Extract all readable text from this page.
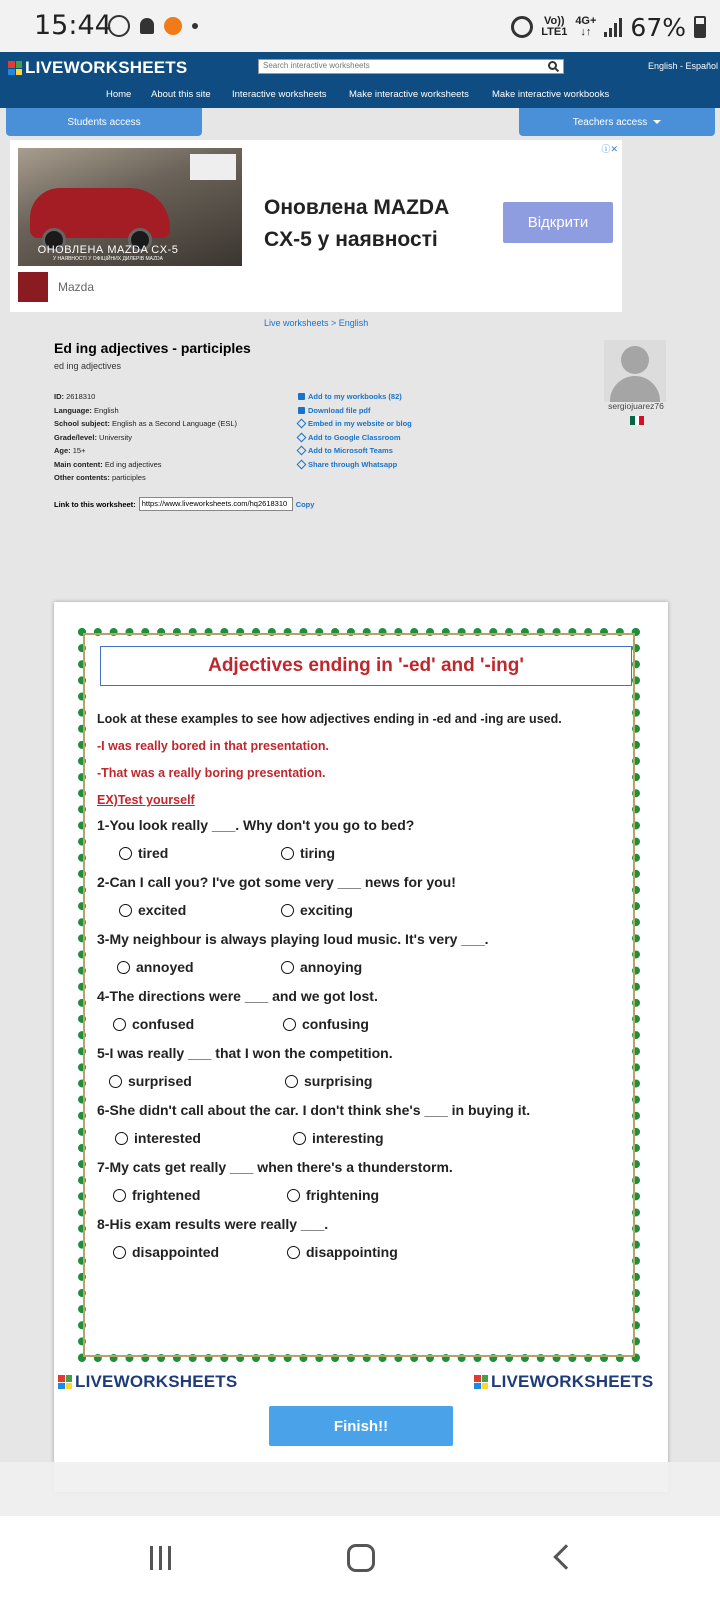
15:44	Vo))
LTE1
4G+
↓↑ 67%
LIVEWORKSHEETS	Search interactive worksheets	English - Español
Home About this site Interactive worksheets Make interactive worksheets Make interactive workbooks
Students access	Teachers access
ОНОВЛЕНА MAZDA CX-5
У НАЯВНОСТІ У ОФІЦІЙНИХ ДИЛЕРІВ MAZDA
Оновлена MAZDA CX-5 у наявності
Відкрити
ⓘ✕
Mazda
Live worksheets > English
Ed ing adjectives - participles
ed ing adjectives
ID: 2618310
Language: English
School subject: English as a Second Language (ESL)
Grade/level: University
Age: 15+
Main content: Ed ing adjectives
Other contents: participles
Add to my workbooks (82)
Download file pdf
Embed in my website or blog
Add to Google Classroom
Add to Microsoft Teams
Share through Whatsapp
Link to this worksheet: https://www.liveworksheets.com/hq2618310	Copy
sergiojuarez76
Adjectives ending in '-ed' and '-ing'
Look at these examples to see how adjectives ending in -ed and -ing are used.
-I was really bored in that presentation.
-That was a really boring presentation.
EX)Test yourself
1-You look really ___. Why don't you go to bed?
tired	tiring
2-Can I call you? I've got some very ___ news for you!
excited	exciting
3-My neighbour is always playing loud music. It's very ___.
annoyed	annoying
4-The directions were ___ and we got lost.
confused	confusing
5-I was really ___ that I won the competition.
surprised	surprising
6-She didn't call about the car. I don't think she's ___ in buying it.
interested	interesting
7-My cats get really ___ when there's a thunderstorm.
frightened	frightening
8-His exam results were really ___.
disappointed	disappointing
LIVEWORKSHEETS	LIVEWORKSHEETS
Finish!!
